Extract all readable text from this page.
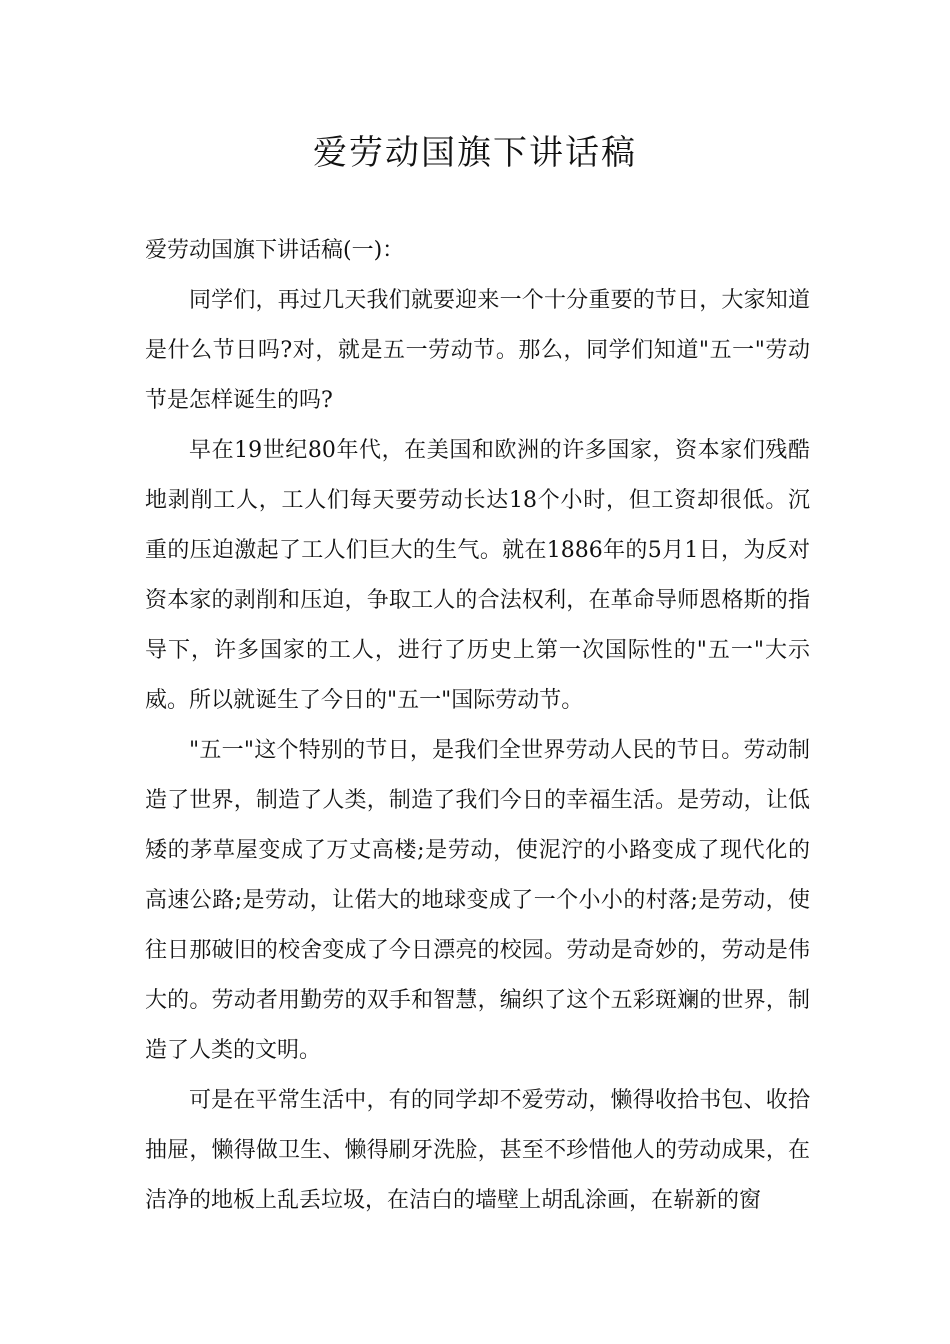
爱劳动国旗下讲话稿

爱劳动国旗下讲话稿(一)：

同学们，再过几天我们就要迎来一个十分重要的节日，大家知道是什么节日吗?对，就是五一劳动节。那么，同学们知道"五一"劳动节是怎样诞生的吗?

早在19世纪80年代，在美国和欧洲的许多国家，资本家们残酷地剥削工人，工人们每天要劳动长达18个小时，但工资却很低。沉重的压迫激起了工人们巨大的生气。就在1886年的5月1日，为反对资本家的剥削和压迫，争取工人的合法权利，在革命导师恩格斯的指导下，许多国家的工人，进行了历史上第一次国际性的"五一"大示威。所以就诞生了今日的"五一"国际劳动节。

"五一"这个特别的节日，是我们全世界劳动人民的节日。劳动制造了世界，制造了人类，制造了我们今日的幸福生活。是劳动，让低矮的茅草屋变成了万丈高楼;是劳动，使泥泞的小路变成了现代化的高速公路;是劳动，让偌大的地球变成了一个小小的村落;是劳动，使往日那破旧的校舍变成了今日漂亮的校园。劳动是奇妙的，劳动是伟大的。劳动者用勤劳的双手和智慧，编织了这个五彩斑斓的世界，制造了人类的文明。

可是在平常生活中，有的同学却不爱劳动，懒得收拾书包、收拾抽屉，懒得做卫生、懒得刷牙洗脸，甚至不珍惜他人的劳动成果，在洁净的地板上乱丢垃圾，在洁白的墙壁上胡乱涂画，在崭新的窗
